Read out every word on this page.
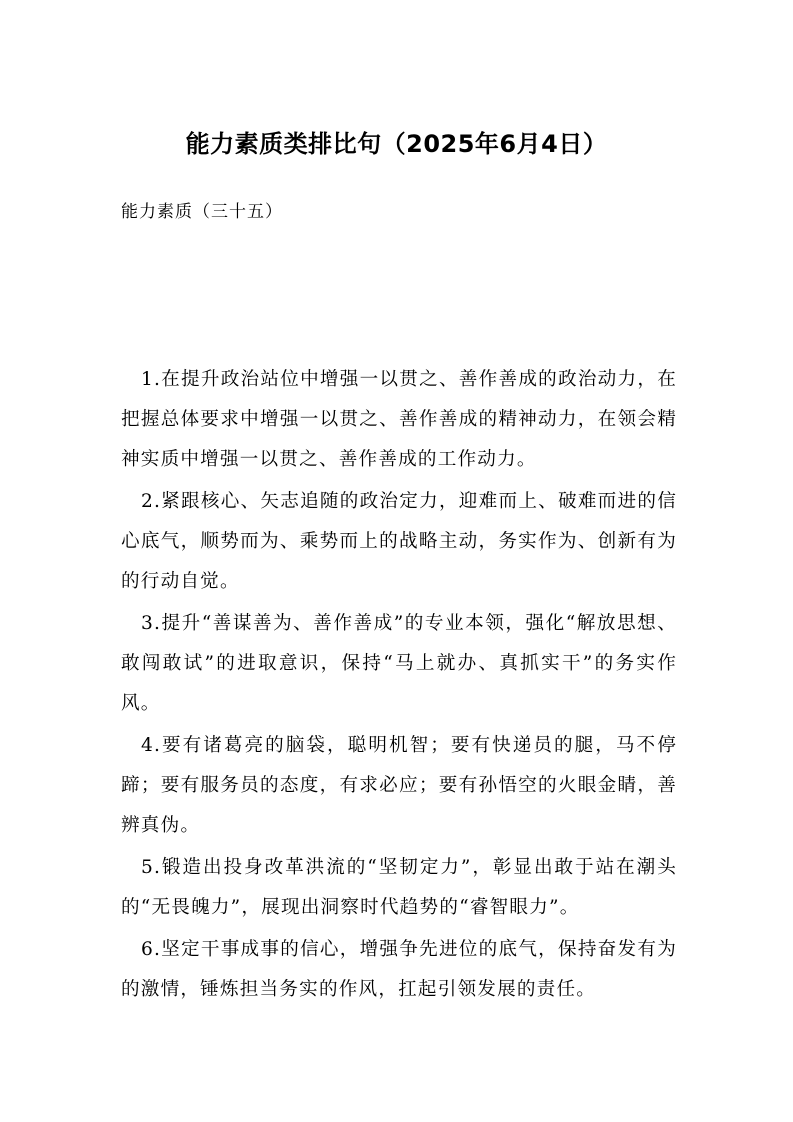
能力素质类排比句（2025年6月4日）

能力素质（三十五）

1.在提升政治站位中增强一以贯之、善作善成的政治动力，在把握总体要求中增强一以贯之、善作善成的精神动力，在领会精神实质中增强一以贯之、善作善成的工作动力。

2.紧跟核心、矢志追随的政治定力，迎难而上、破难而进的信心底气，顺势而为、乘势而上的战略主动，务实作为、创新有为的行动自觉。

3.提升“善谋善为、善作善成”的专业本领，强化“解放思想、敢闯敢试”的进取意识，保持“马上就办、真抓实干”的务实作风。

4.要有诸葛亮的脑袋，聪明机智；要有快递员的腿，马不停蹄；要有服务员的态度，有求必应；要有孙悟空的火眼金睛，善辨真伪。

5.锻造出投身改革洪流的“坚韧定力”，彰显出敢于站在潮头的“无畏魄力”，展现出洞察时代趋势的“睿智眼力”。

6.坚定干事成事的信心，增强争先进位的底气，保持奋发有为的激情，锤炼担当务实的作风，扛起引领发展的责任。
